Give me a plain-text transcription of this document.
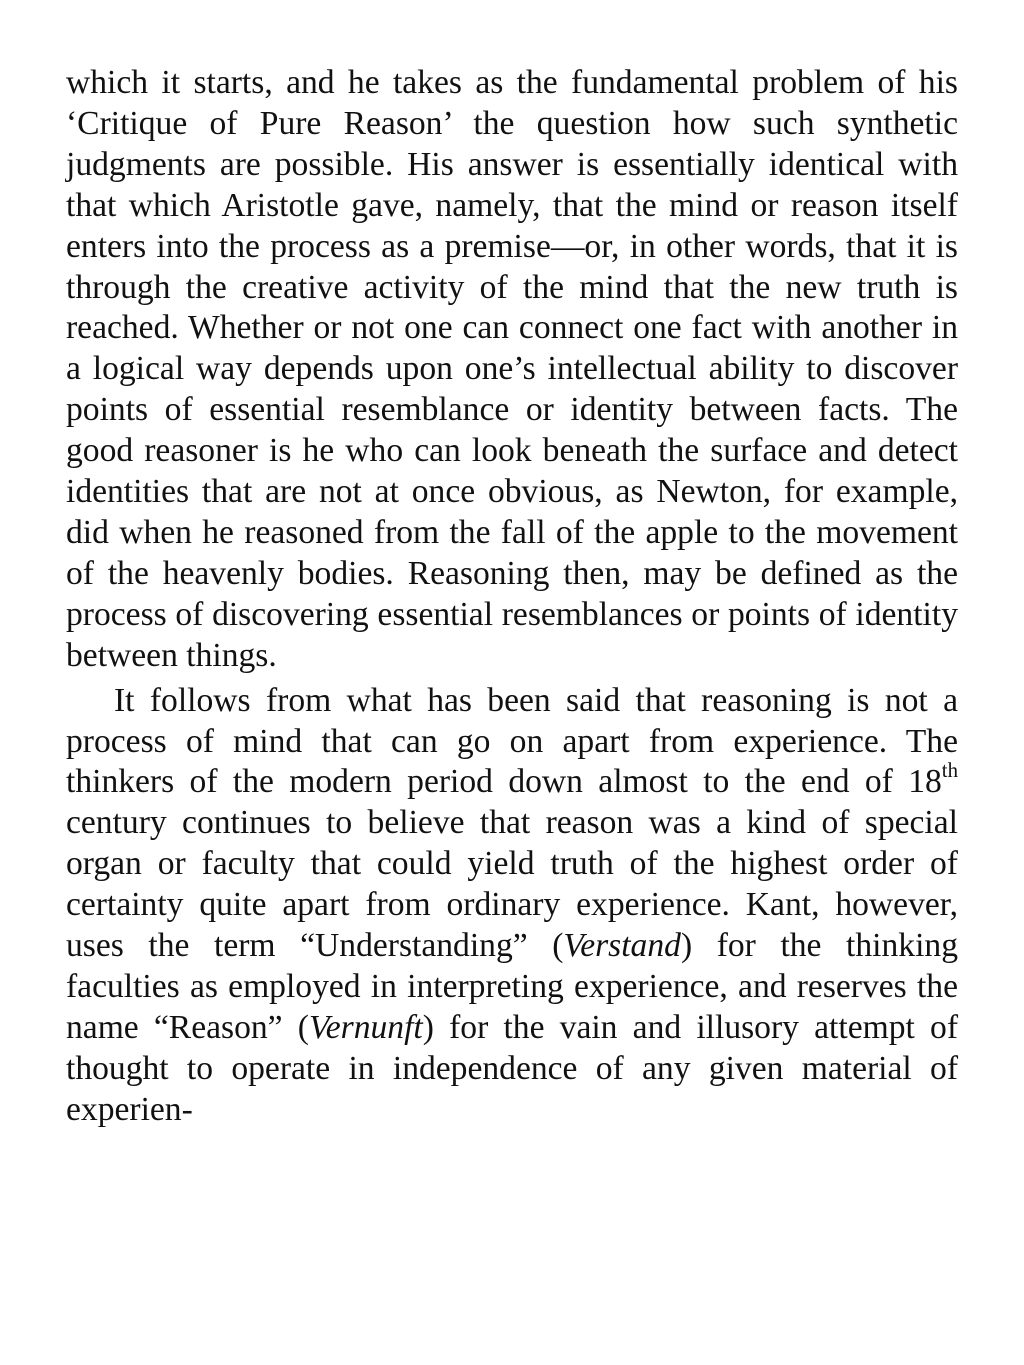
which it starts, and he takes as the fundamental problem of his ‘Critique of Pure Reason’ the question how such synthetic judgments are possible. His answer is essentially identical with that which Aristotle gave, namely, that the mind or reason itself enters into the process as a premise—or, in other words, that it is through the creative activity of the mind that the new truth is reached. Whether or not one can connect one fact with another in a logical way depends upon one’s intellectual ability to discover points of essential resemblance or identity between facts. The good reasoner is he who can look beneath the surface and detect identities that are not at once obvious, as Newton, for example, did when he reasoned from the fall of the apple to the movement of the heavenly bodies. Reasoning then, may be defined as the process of discovering essential resemblances or points of identity between things.

It follows from what has been said that reasoning is not a process of mind that can go on apart from experience. The thinkers of the modern period down almost to the end of 18th century continues to believe that reason was a kind of special organ or faculty that could yield truth of the highest order of certainty quite apart from ordinary experience. Kant, however, uses the term “Understanding” (Verstand) for the thinking faculties as employed in interpreting experience, and reserves the name “Reason” (Vernunft) for the vain and illusory attempt of thought to operate in independence of any given material of experien-
